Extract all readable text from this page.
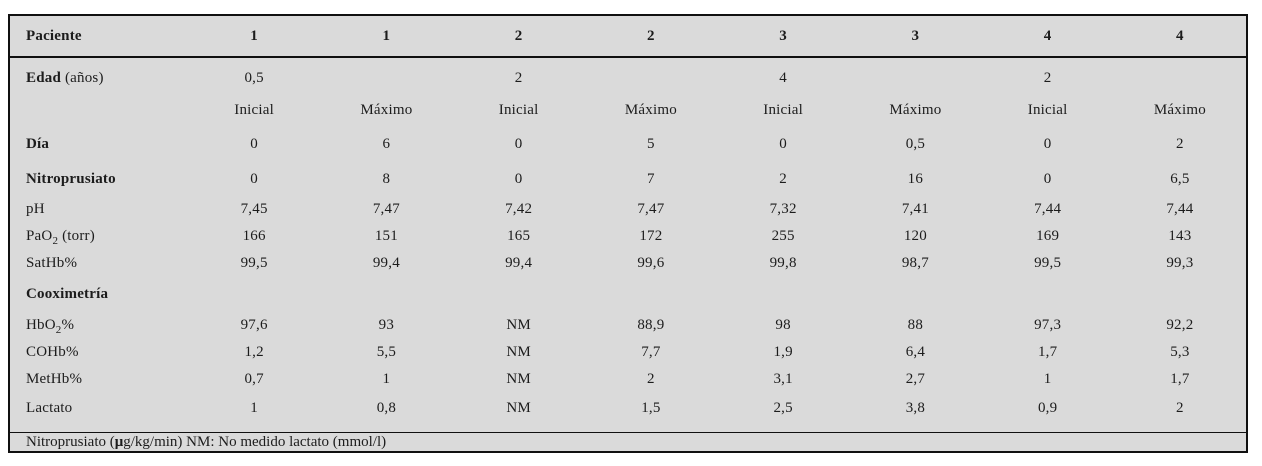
Paciente	1	1	2	2	3	3	4	4
Edad (años)	0,5	2	4	2
Inicial	Máximo	Inicial	Máximo	Inicial	Máximo	Inicial	Máximo
Día	0	6	0	5	0	0,5	0	2
Nitroprusiato	0	8	0	7	2	16	0	6,5
pH	7,45	7,47	7,42	7,47	7,32	7,41	7,44	7,44
PaO$_2$ (torr)	166	151	165	172	255	120	169	143
SatHb%	99,5	99,4	99,4	99,6	99,8	98,7	99,5	99,3
Cooximetría
HbO$_2$%	97,6	93	NM	88,9	98	88	97,3	92,2
COHb%	1,2	5,5	NM	7,7	1,9	6,4	1,7	5,3
MetHb%	0,7	1	NM	2	3,1	2,7	1	1,7
Lactato	1	0,8	NM	1,5	2,5	3,8	0,9	2
Nitroprusiato ( μ g/kg/min) NM: No medido lactato (mmol/l)
